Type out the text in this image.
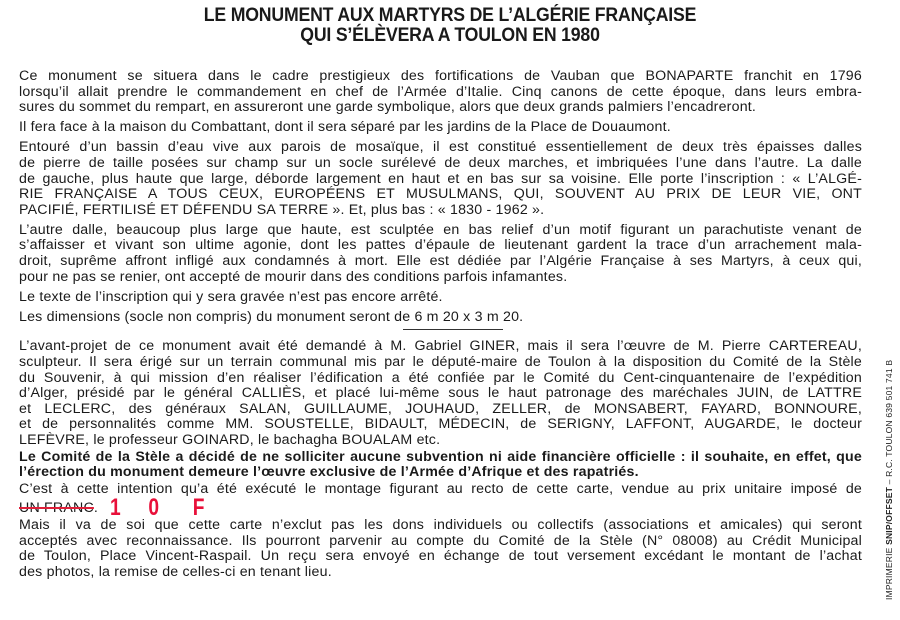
LE MONUMENT AUX MARTYRS DE L’ALGÉRIE FRANÇAISE
QUI S’ÉLÈVERA A TOULON EN 1980

Ce monument se situera dans le cadre prestigieux des fortifications de Vauban que BONAPARTE franchit en 1796
lorsqu’il allait prendre le commandement en chef de l’Armée d’Italie. Cinq canons de cette époque, dans leurs embra-
sures du sommet du rempart, en assureront une garde symbolique, alors que deux grands palmiers l’encadreront.

Il fera face à la maison du Combattant, dont il sera séparé par les jardins de la Place de Douaumont.

Entouré d’un bassin d’eau vive aux parois de mosaïque, il est constitué essentiellement de deux très épaisses dalles
de pierre de taille posées sur champ sur un socle surélevé de deux marches, et imbriquées l’une dans l’autre. La dalle
de gauche, plus haute que large, déborde largement en haut et en bas sur sa voisine. Elle porte l’inscription : « L’ALGÉ-
RIE FRANÇAISE A TOUS CEUX, EUROPÉENS ET MUSULMANS, QUI, SOUVENT AU PRIX DE LEUR VIE, ONT
PACIFIÉ, FERTILISÉ ET DÉFENDU SA TERRE ». Et, plus bas : « 1830 - 1962 ».

L’autre dalle, beaucoup plus large que haute, est sculptée en bas relief d’un motif figurant un parachutiste venant de
s’affaisser et vivant son ultime agonie, dont les pattes d’épaule de lieutenant gardent la trace d’un arrachement mala-
droit, suprême affront infligé aux condamnés à mort. Elle est dédiée par l’Algérie Française à ses Martyrs, à ceux qui,
pour ne pas se renier, ont accepté de mourir dans des conditions parfois infamantes.

Le texte de l’inscription qui y sera gravée n’est pas encore arrêté.

Les dimensions (socle non compris) du monument seront de 6 m 20 x 3 m 20.

L’avant-projet de ce monument avait été demandé à M. Gabriel GINER, mais il sera l’œuvre de M. Pierre CARTEREAU,
sculpteur. Il sera érigé sur un terrain communal mis par le député-maire de Toulon à la disposition du Comité de la Stèle
du Souvenir, à qui mission d’en réaliser l’édification a été confiée par le Comité du Cent-cinquantenaire de l’expédition
d’Alger, présidé par le général CALLIÈS, et placé lui-même sous le haut patronage des maréchales JUIN, de LATTRE
et LECLERC, des généraux SALAN, GUILLAUME, JOUHAUD, ZELLER, de MONSABERT, FAYARD, BONNOURE,
et de personnalités comme MM. SOUSTELLE, BIDAULT, MÉDECIN, de SERIGNY, LAFFONT, AUGARDE, le docteur
LEFÈVRE, le professeur GOINARD, le bachagha BOUALAM etc.

Le Comité de la Stèle a décidé de ne solliciter aucune subvention ni aide financière officielle : il souhaite, en effet, que
l’érection du monument demeure l’œuvre exclusive de l’Armée d’Afrique et des rapatriés.

C’est à cette intention qu’a été exécuté le montage figurant au recto de cette carte, vendue au prix unitaire imposé de
UN FRANC. 1 0 F

Mais il va de soi que cette carte n’exclut pas les dons individuels ou collectifs (associations et amicales) qui seront
acceptés avec reconnaissance. Ils pourront parvenir au compte du Comité de la Stèle (N° 08008) au Crédit Municipal
de Toulon, Place Vincent-Raspail. Un reçu sera envoyé en échange de tout versement excédant le montant de l’achat
des photos, la remise de celles-ci en tenant lieu.	IMPRIMERIE SNIP/OFFSET – R.C. TOULON 639 501 741 B
